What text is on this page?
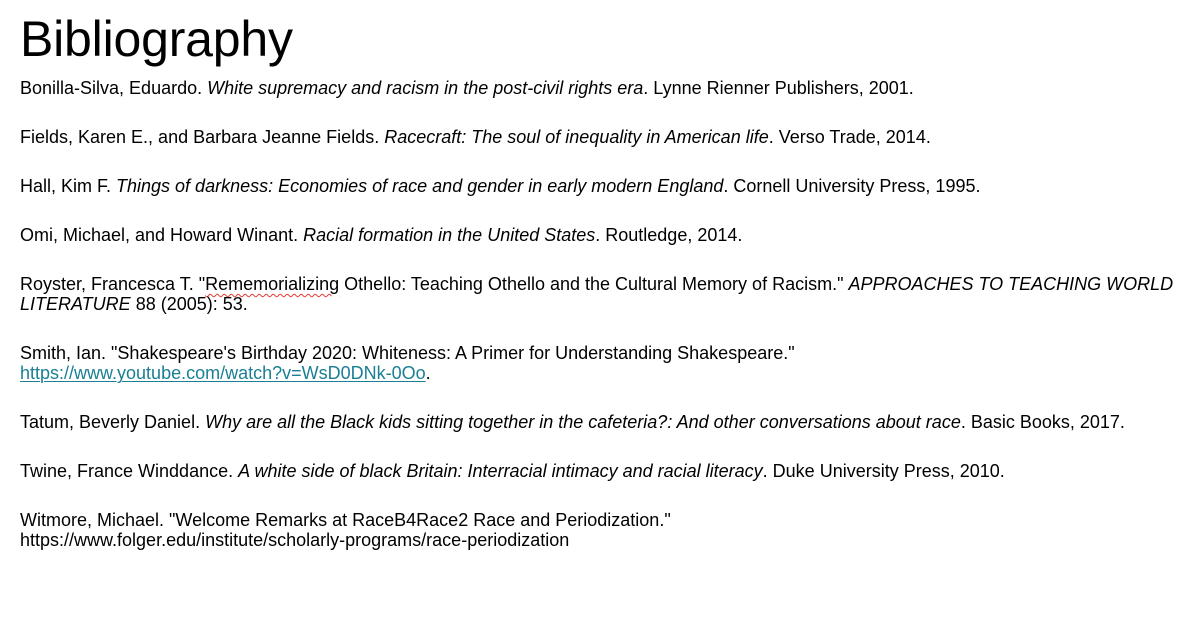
Bibliography

Bonilla-Silva, Eduardo. White supremacy and racism in the post-civil rights era. Lynne Rienner Publishers, 2001.

Fields, Karen E., and Barbara Jeanne Fields. Racecraft: The soul of inequality in American life. Verso Trade, 2014.

Hall, Kim F. Things of darkness: Economies of race and gender in early modern England. Cornell University Press, 1995.

Omi, Michael, and Howard Winant. Racial formation in the United States. Routledge, 2014.

Royster, Francesca T. "Rememorializing Othello: Teaching Othello and the Cultural Memory of Racism." APPROACHES TO TEACHING WORLD LITERATURE 88 (2005): 53.

Smith, Ian. "Shakespeare's Birthday 2020: Whiteness: A Primer for Understanding Shakespeare."
https://www.youtube.com/watch?v=WsD0DNk-0Oo.

Tatum, Beverly Daniel. Why are all the Black kids sitting together in the cafeteria?: And other conversations about race. Basic Books, 2017.

Twine, France Winddance. A white side of black Britain: Interracial intimacy and racial literacy. Duke University Press, 2010.

Witmore, Michael. "Welcome Remarks at RaceB4Race2 Race and Periodization."
https://www.folger.edu/institute/scholarly-programs/race-periodization
